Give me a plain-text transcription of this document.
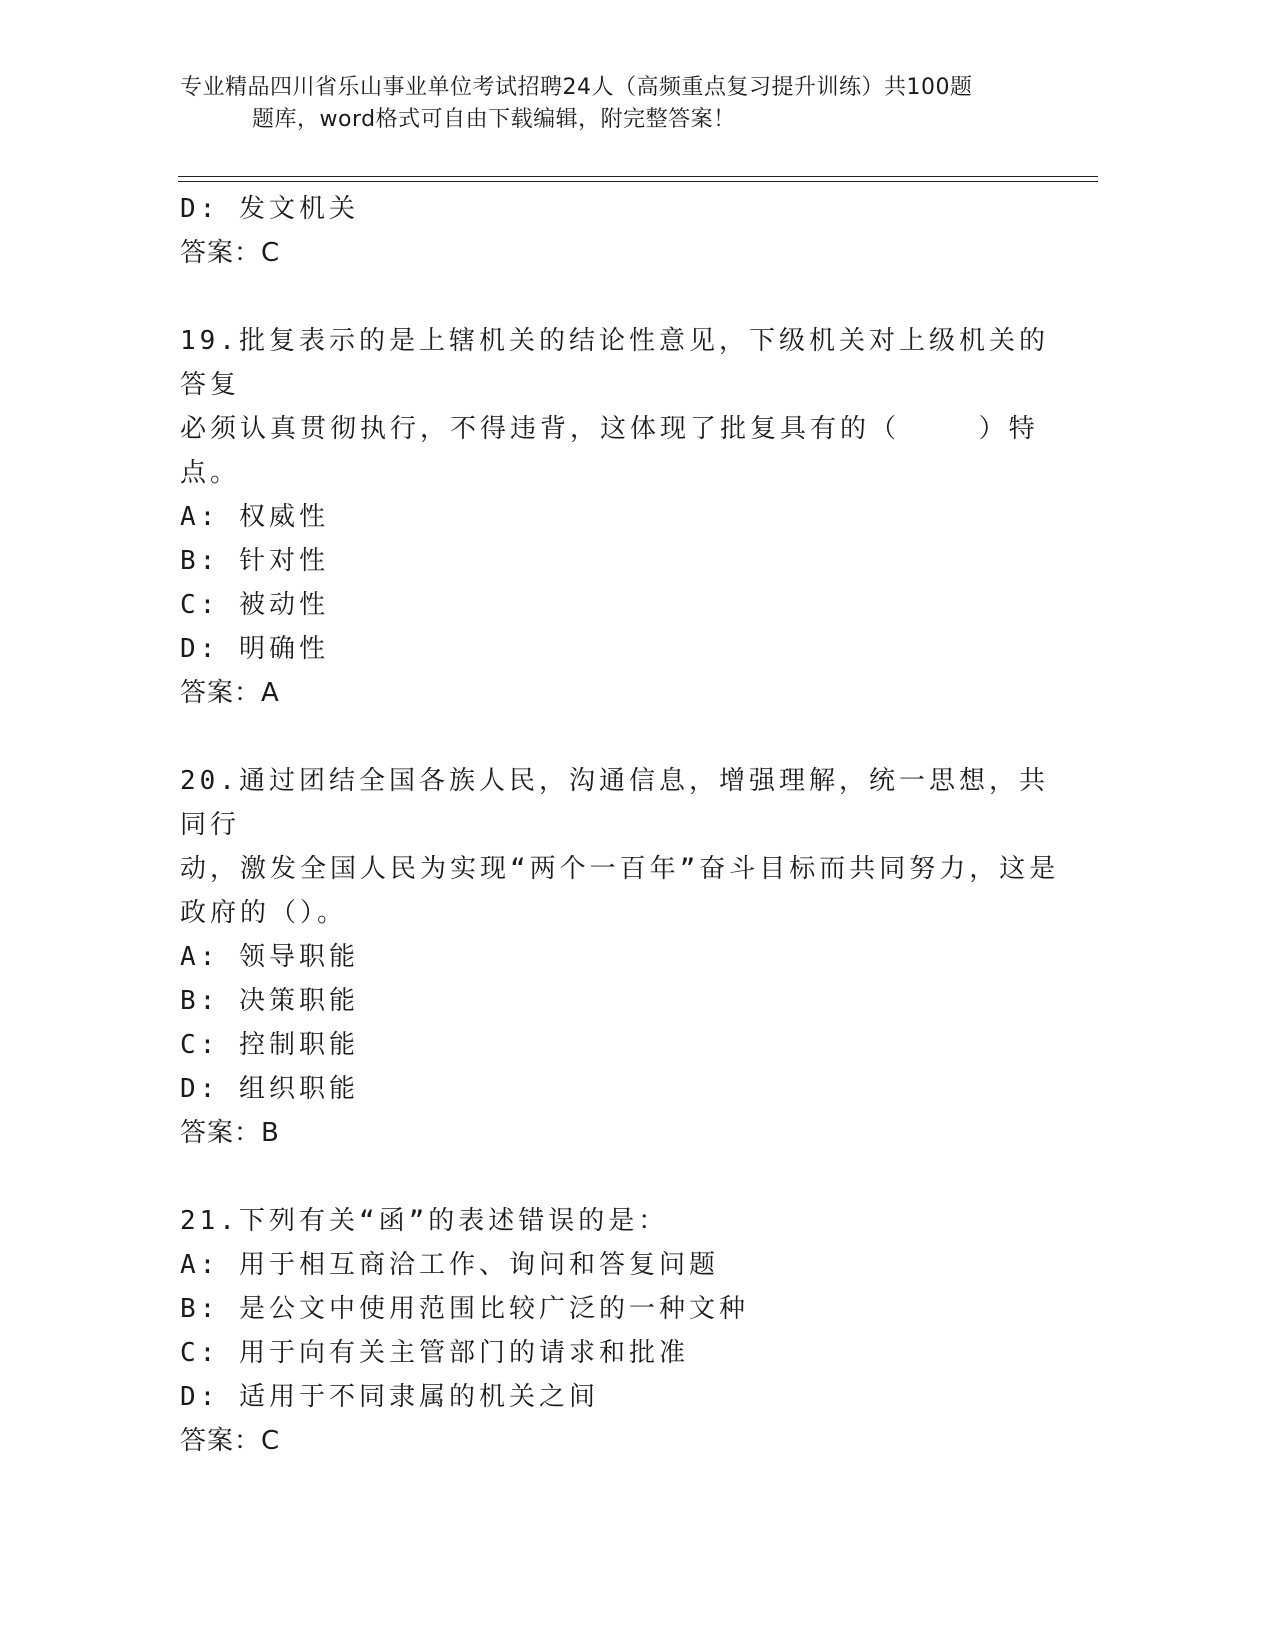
专业精品四川省乐山事业单位考试招聘24人（高频重点复习提升训练）共100题
题库，word格式可自由下载编辑，附完整答案！
D: 发文机关
答案：C
19.批复表示的是上辖机关的结论性意见，下级机关对上级机关的答复
必须认真贯彻执行，不得违背，这体现了批复具有的（    ）特点。
A: 权威性
B: 针对性
C: 被动性
D: 明确性
答案：A
20.通过团结全国各族人民，沟通信息，增强理解，统一思想，共同行
动，激发全国人民为实现“两个一百年”奋斗目标而共同努力，这是
政府的（）。
A: 领导职能
B: 决策职能
C: 控制职能
D: 组织职能
答案：B
21.下列有关“函”的表述错误的是：
A: 用于相互商洽工作、询问和答复问题
B: 是公文中使用范围比较广泛的一种文种
C: 用于向有关主管部门的请求和批准
D: 适用于不同隶属的机关之间
答案：C
